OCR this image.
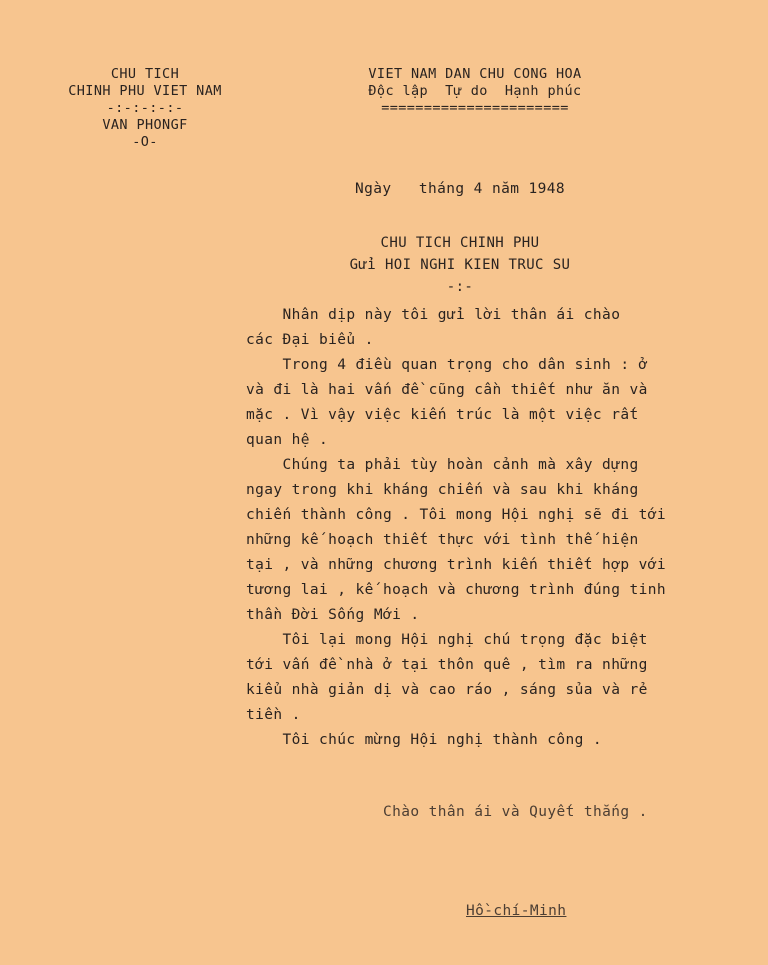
CHU TICH
CHINH PHU VIET NAM
-:-:-:-:-
VAN PHONGF
-O-
VIET NAM DAN CHU CONG HOA
Độc lập  Tự do  Hạnh phúc
======================
Ngày   tháng 4 năm 1948
CHU TICH CHINH PHU
Gửi HOI NGHI KIEN TRUC SU
-:-
Nhân dịp này tôi gửi lời thân ái chào
các Đại biểu .
Trong 4 điều quan trọng cho dân sinh : ở
và đi là hai vấn đề cũng cần thiết như ăn và
mặc . Vì vậy việc kiến trúc là một việc rất
quan hệ .
Chúng ta phải tùy hoàn cảnh mà xây dựng
ngay trong khi kháng chiến và sau khi kháng
chiến thành công . Tôi mong Hội nghị sẽ đi tới
những kế hoạch thiết thực với tình thế hiện
tại , và những chương trình kiến thiết hợp với
tương lai , kế hoạch và chương trình đúng tinh
thần Đời Sống Mới .
Tôi lại mong Hội nghị chú trọng đặc biệt
tới vấn đề nhà ở tại thôn quê , tìm ra những
kiểu nhà giản dị và cao ráo , sáng sủa và rẻ
tiền .
Tôi chúc mừng Hội nghị thành công .
Chào thân ái và Quyết thắng .
Hồ-chí-Minh
